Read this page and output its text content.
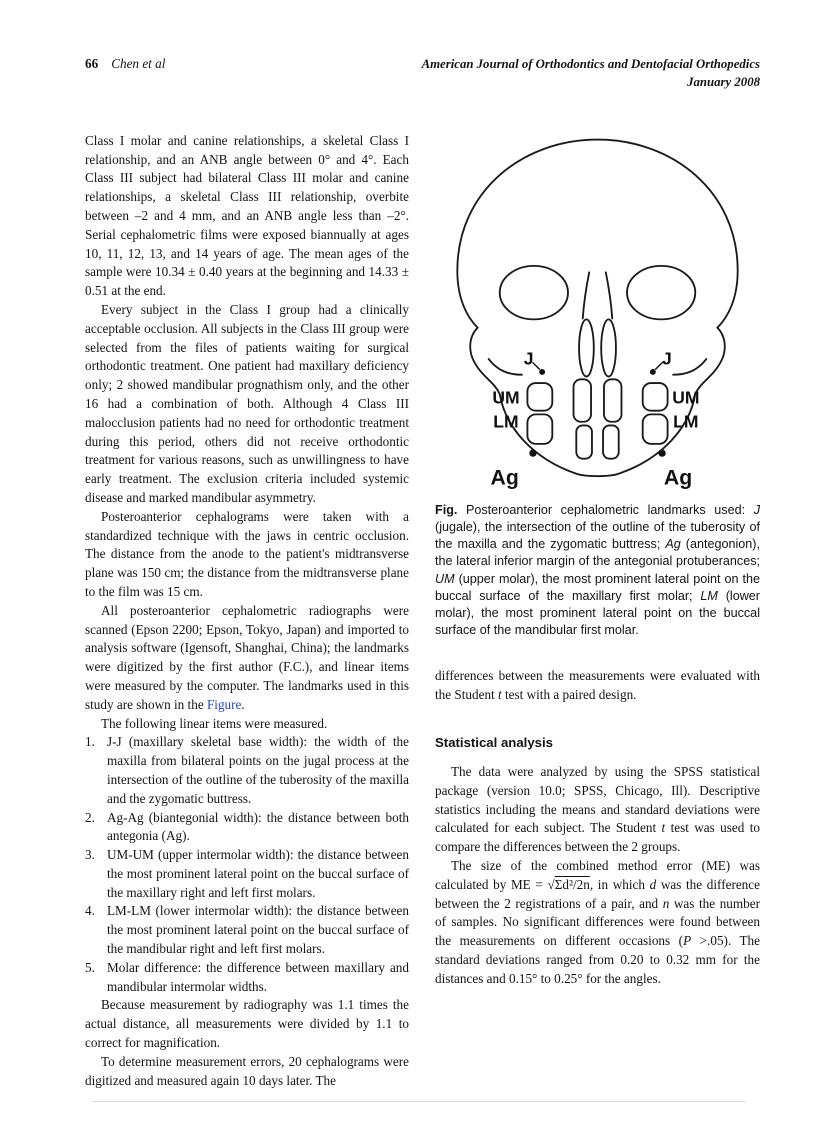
66 Chen et al	American Journal of Orthodontics and Dentofacial Orthopedics
January 2008

Class I molar and canine relationships, a skeletal Class I relationship, and an ANB angle between 0° and 4°. Each Class III subject had bilateral Class III molar and canine relationships, a skeletal Class III relationship, overbite between –2 and 4 mm, and an ANB angle less than –2°. Serial cephalometric films were exposed biannually at ages 10, 11, 12, 13, and 14 years of age. The mean ages of the sample were 10.34 ± 0.40 years at the beginning and 14.33 ± 0.51 at the end.

Every subject in the Class I group had a clinically acceptable occlusion. All subjects in the Class III group were selected from the files of patients waiting for surgical orthodontic treatment. One patient had maxillary deficiency only; 2 showed mandibular prognathism only, and the other 16 had a combination of both. Although 4 Class III malocclusion patients had no need for orthodontic treatment during this period, others did not receive orthodontic treatment for various reasons, such as unwillingness to have early treatment. The exclusion criteria included systemic disease and marked mandibular asymmetry.

Posteroanterior cephalograms were taken with a standardized technique with the jaws in centric occlusion. The distance from the anode to the patient's midtransverse plane was 150 cm; the distance from the midtransverse plane to the film was 15 cm.

All posteroanterior cephalometric radiographs were scanned (Epson 2200; Epson, Tokyo, Japan) and imported to analysis software (Igensoft, Shanghai, China); the landmarks were digitized by the first author (F.C.), and linear items were measured by the computer. The landmarks used in this study are shown in the Figure.

The following linear items were measured.

1. J-J (maxillary skeletal base width): the width of the maxilla from bilateral points on the jugal process at the intersection of the outline of the tuberosity of the maxilla and the zygomatic buttress.
2. Ag-Ag (biantegonial width): the distance between both antegonia (Ag).
3. UM-UM (upper intermolar width): the distance between the most prominent lateral point on the buccal surface of the maxillary right and left first molars.
4. LM-LM (lower intermolar width): the distance between the most prominent lateral point on the buccal surface of the mandibular right and left first molars.
5. Molar difference: the difference between maxillary and mandibular intermolar widths.

Because measurement by radiography was 1.1 times the actual distance, all measurements were divided by 1.1 to correct for magnification.

To determine measurement errors, 20 cephalograms were digitized and measured again 10 days later. The

J	J
UM
LM
UM
LM
Ag	Ag
Fig. Posteroanterior cephalometric landmarks used: J (jugale), the intersection of the outline of the tuberosity of the maxilla and the zygomatic buttress; Ag (antegonion), the lateral inferior margin of the antegonial protuberances; UM (upper molar), the most prominent lateral point on the buccal surface of the maxillary first molar; LM (lower molar), the most prominent lateral point on the buccal surface of the mandibular first molar.

differences between the measurements were evaluated with the Student t test with a paired design.

Statistical analysis

The data were analyzed by using the SPSS statistical package (version 10.0; SPSS, Chicago, Ill). Descriptive statistics including the means and standard deviations were calculated for each subject. The Student t test was used to compare the differences between the 2 groups.

The size of the combined method error (ME) was calculated by ME = √Σd²/2n, in which d was the difference between the 2 registrations of a pair, and n was the number of samples. No significant differences were found between the measurements on different occasions (P >.05). The standard deviations ranged from 0.20 to 0.32 mm for the distances and 0.15° to 0.25° for the angles.
